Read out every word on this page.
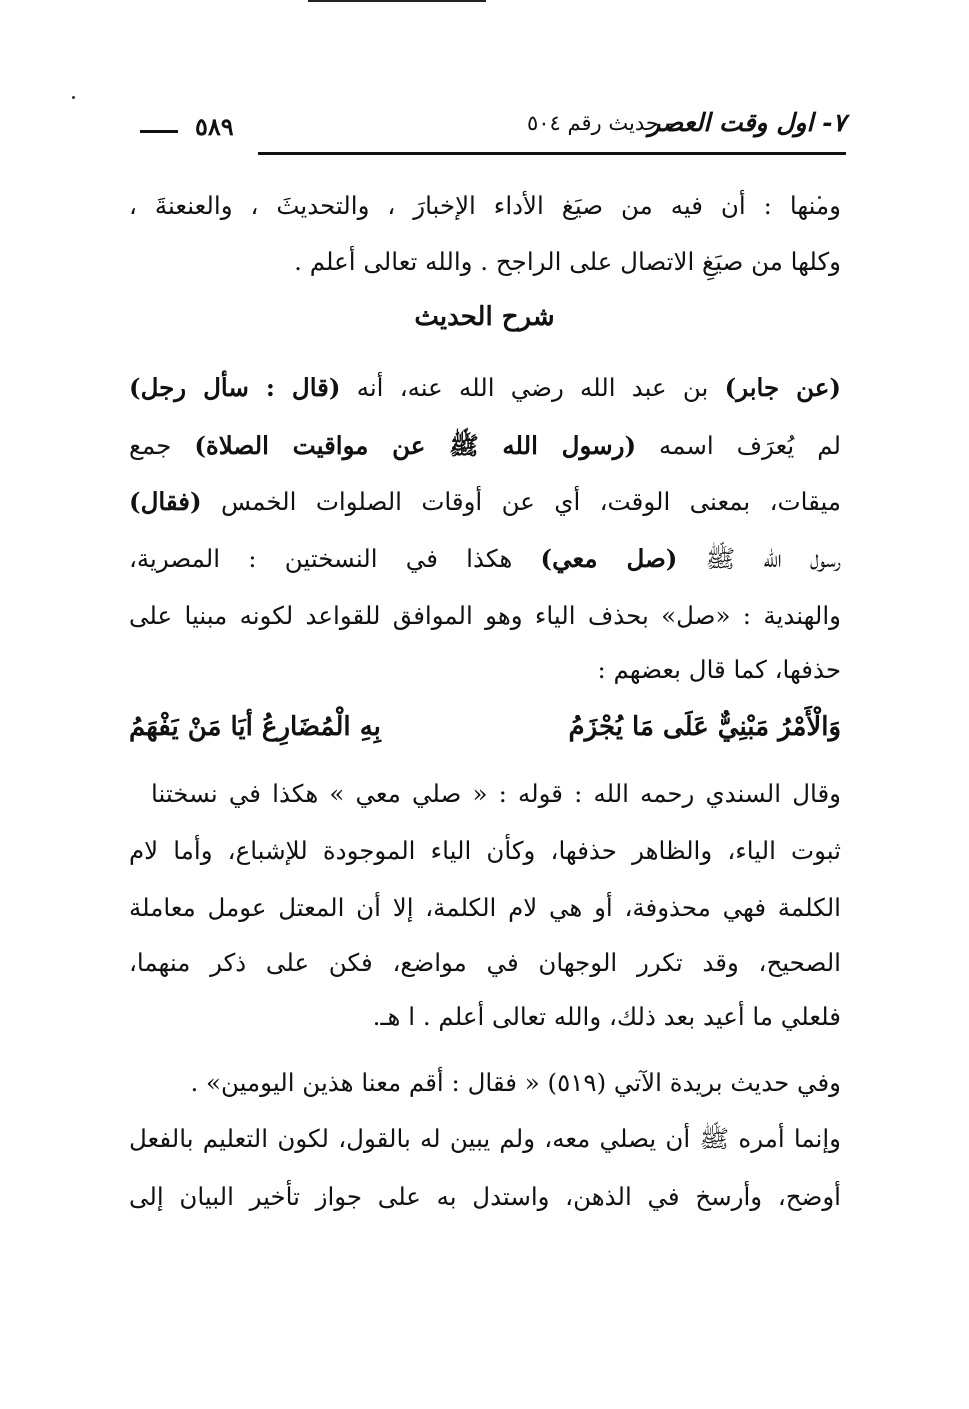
٧- اول وقت العصر
– حديث رقم ٥٠٤
٥٨٩
ومنها : أن فيه من صيَغ الأداء الإخبارَ ، والتحديثَ ، والعنعنةَ ،
وكلها من صيَغِ الاتصال على الراجح . والله تعالى أعلم .
شرح الحديث
(عن جابر) بن عبد الله رضي الله عنه، أنه (قال : سأل رجل)
لم يُعرَف اسمه (رسول الله ﷺ عن مواقيت الصلاة) جمع
ميقات، بمعنى الوقت، أي عن أوقات الصلوات الخمس (فقال)
رسول الله ﷺ (صل معي) هكذا في النسختين : المصرية،
والهندية : «صل» بحذف الياء وهو الموافق للقواعد لكونه مبنيا على
حذفها، كما قال بعضهم :
وَالْأَمْرُ مَبْنِيٌّ عَلَى مَا يُجْزَمُ
بِهِ الْمُضَارِعُ أيَا مَنْ يَفْهَمُ
وقال السندي رحمه الله : قوله : « صلي معي » هكذا في نسختنا
ثبوت الياء، والظاهر حذفها، وكأن الياء الموجودة للإشباع، وأما لام
الكلمة فهي محذوفة، أو هي لام الكلمة، إلا أن المعتل عومل معاملة
الصحيح، وقد تكرر الوجهان في مواضع، فكن على ذكر منهما،
فلعلي ما أعيد بعد ذلك، والله تعالى أعلم . ا هـ.
وفي حديث بريدة الآتي (٥١٩) « فقال : أقم معنا هذين اليومين» .
وإنما أمره ﷺ أن يصلي معه، ولم يبين له بالقول، لكون التعليم بالفعل
أوضح، وأرسخ في الذهن، واستدل به على جواز تأخير البيان إلى
